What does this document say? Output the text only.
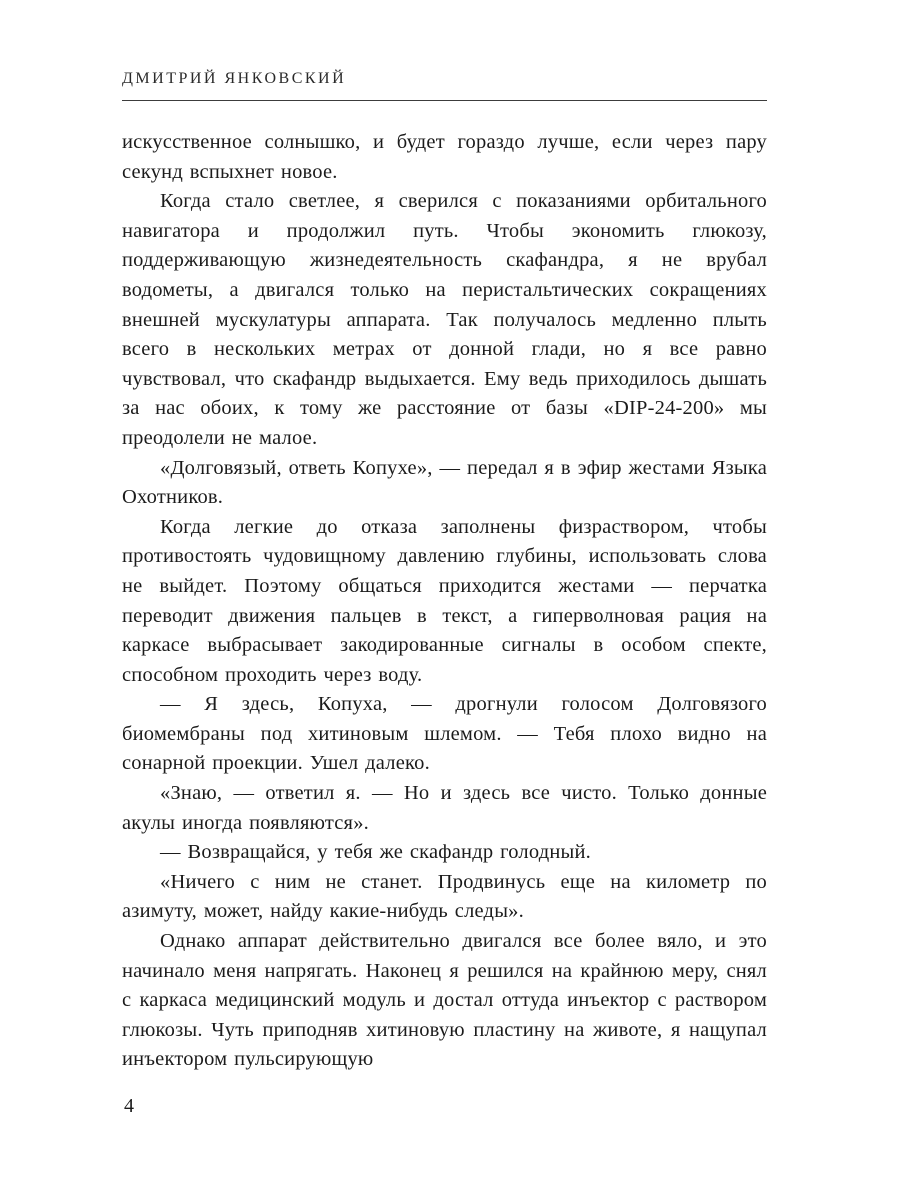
ДМИТРИЙ ЯНКОВСКИЙ

искусственное солнышко, и будет гораздо лучше, если через пару секунд вспыхнет новое.

Когда стало светлее, я сверился с показаниями орбитального навигатора и продолжил путь. Чтобы экономить глюкозу, поддерживающую жизнедеятельность скафандра, я не врубал водометы, а двигался только на перистальтических сокращениях внешней мускулатуры аппарата. Так получалось медленно плыть всего в нескольких метрах от донной глади, но я все равно чувствовал, что скафандр выдыхается. Ему ведь приходилось дышать за нас обоих, к тому же расстояние от базы «DIP-24-200» мы преодолели не малое.

«Долговязый, ответь Копухе», — передал я в эфир жестами Языка Охотников.

Когда легкие до отказа заполнены физраствором, чтобы противостоять чудовищному давлению глубины, использовать слова не выйдет. Поэтому общаться приходится жестами — перчатка переводит движения пальцев в текст, а гиперволновая рация на каркасе выбрасывает закодированные сигналы в особом спекте, способном проходить через воду.

— Я здесь, Копуха, — дрогнули голосом Долговязого биомембраны под хитиновым шлемом. — Тебя плохо видно на сонарной проекции. Ушел далеко.

«Знаю, — ответил я. — Но и здесь все чисто. Только донные акулы иногда появляются».

— Возвращайся, у тебя же скафандр голодный.

«Ничего с ним не станет. Продвинусь еще на километр по азимуту, может, найду какие-нибудь следы».

Однако аппарат действительно двигался все более вяло, и это начинало меня напрягать. Наконец я решился на крайнюю меру, снял с каркаса медицинский модуль и достал оттуда инъектор с раствором глюкозы. Чуть приподняв хитиновую пластину на животе, я нащупал инъектором пульсирующую

4
